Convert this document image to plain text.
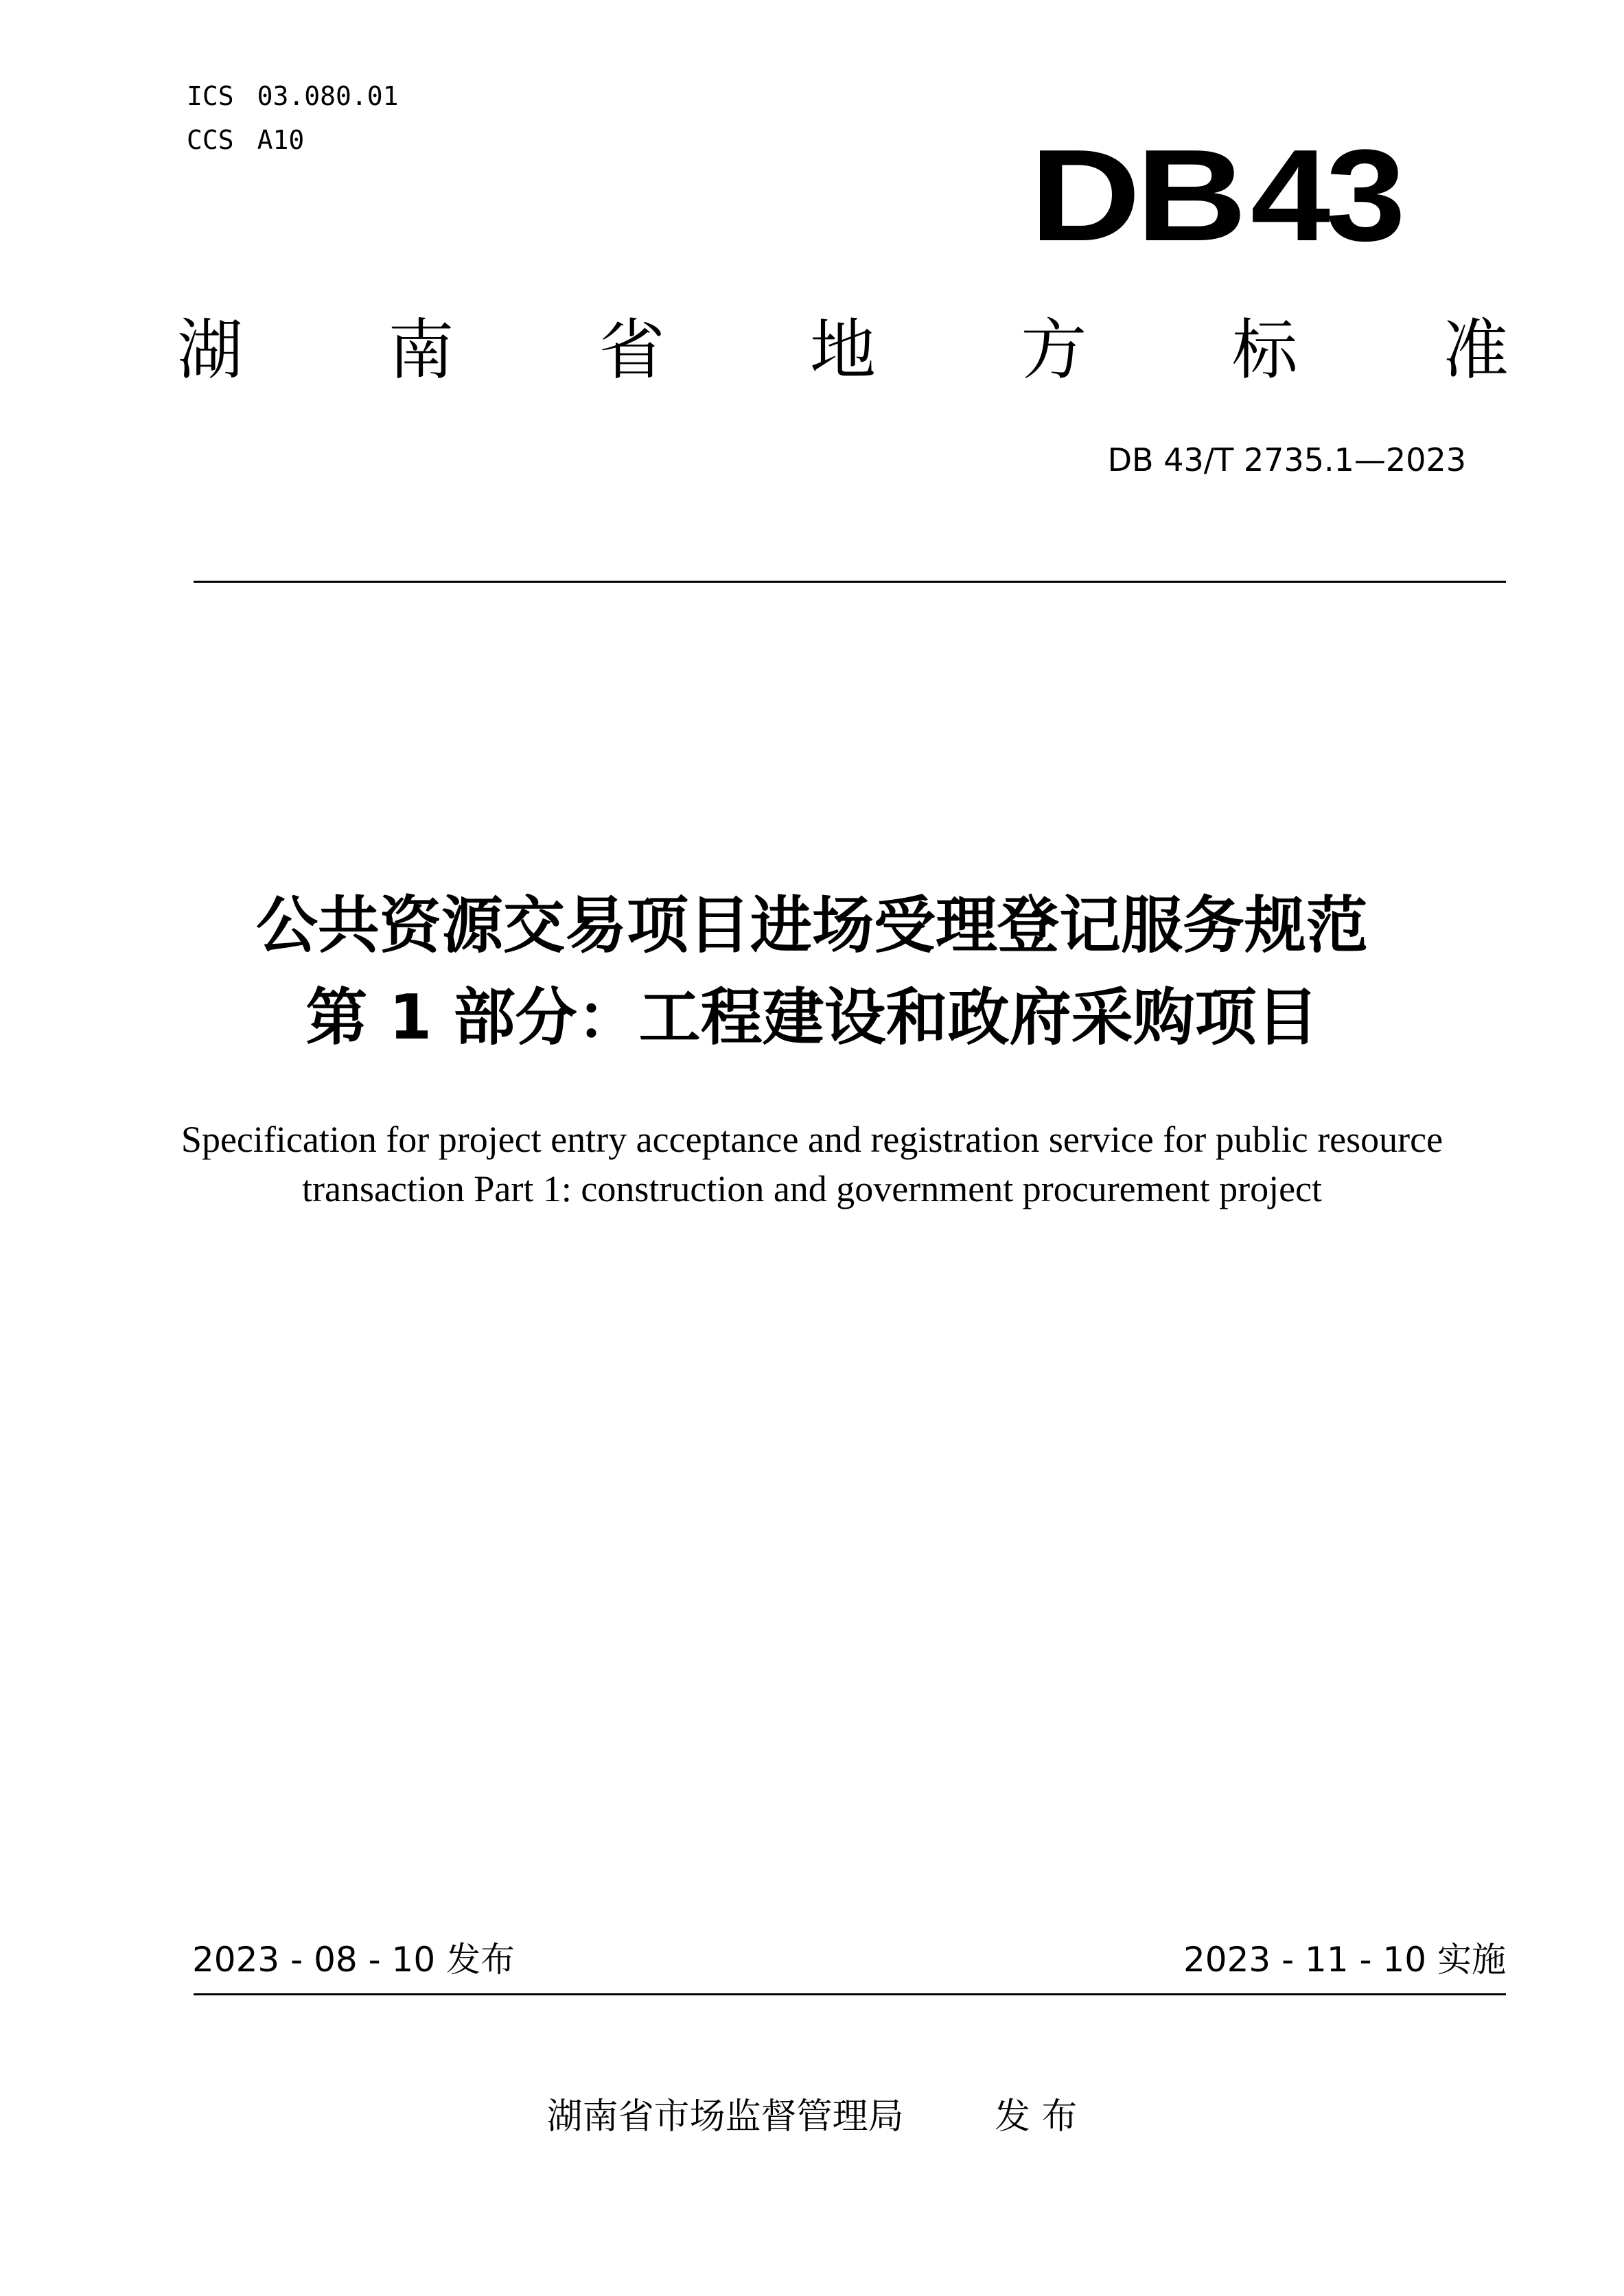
ICS 03.080.01
CCS A10	DB43
湖 南 省 地 方 标 准
DB 43/T 2735.1—2023
公共资源交易项目进场受理登记服务规范
第 1 部分：工程建设和政府采购项目
Specification for project entry acceptance and registration service for public resource
transaction Part 1: construction and government procurement project
2023 - 08 - 10 发布	2023 - 11 - 10 实施
湖南省市场监督管理局	发 布
